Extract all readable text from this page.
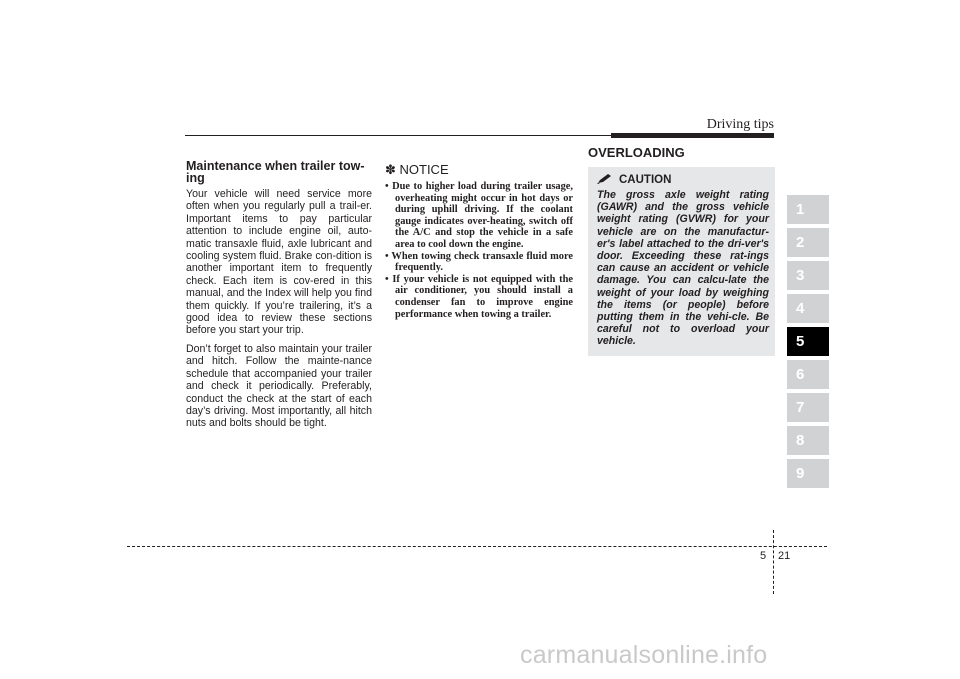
Driving tips
Maintenance when trailer tow-ing

Your vehicle will need service more often when you regularly pull a trail-er. Important items to pay particular attention to include engine oil, auto-matic transaxle fluid, axle lubricant and cooling system fluid. Brake con-dition is another important item to frequently check. Each item is cov-ered in this manual, and the Index will help you find them quickly. If you’re trailering, it’s a good idea to review these sections before you start your trip.

Don’t forget to also maintain your trailer and hitch. Follow the mainte-nance schedule that accompanied your trailer and check it periodically. Preferably, conduct the check at the start of each day’s driving. Most importantly, all hitch nuts and bolts should be tight.

✽ NOTICE
• Due to higher load during trailer usage, overheating might occur in hot days or during uphill driving. If the coolant gauge indicates over-heating, switch off the A/C and stop the vehicle in a safe area to cool down the engine.
• When towing check transaxle fluid more frequently.
• If your vehicle is not equipped with the air conditioner, you should install a condenser fan to improve engine performance when towing a trailer.
OVERLOADING
CAUTION

The gross axle weight rating (GAWR) and the gross vehicle weight rating (GVWR) for your vehicle are on the manufactur-er's label attached to the dri-ver's door. Exceeding these rat-ings can cause an accident or vehicle damage. You can calcu-late the weight of your load by weighing the items (or people) before putting them in the vehi-cle. Be careful not to overload your vehicle.

1
2
3
4
5
6
7
8
9
5 21
carmanualsonline.info
